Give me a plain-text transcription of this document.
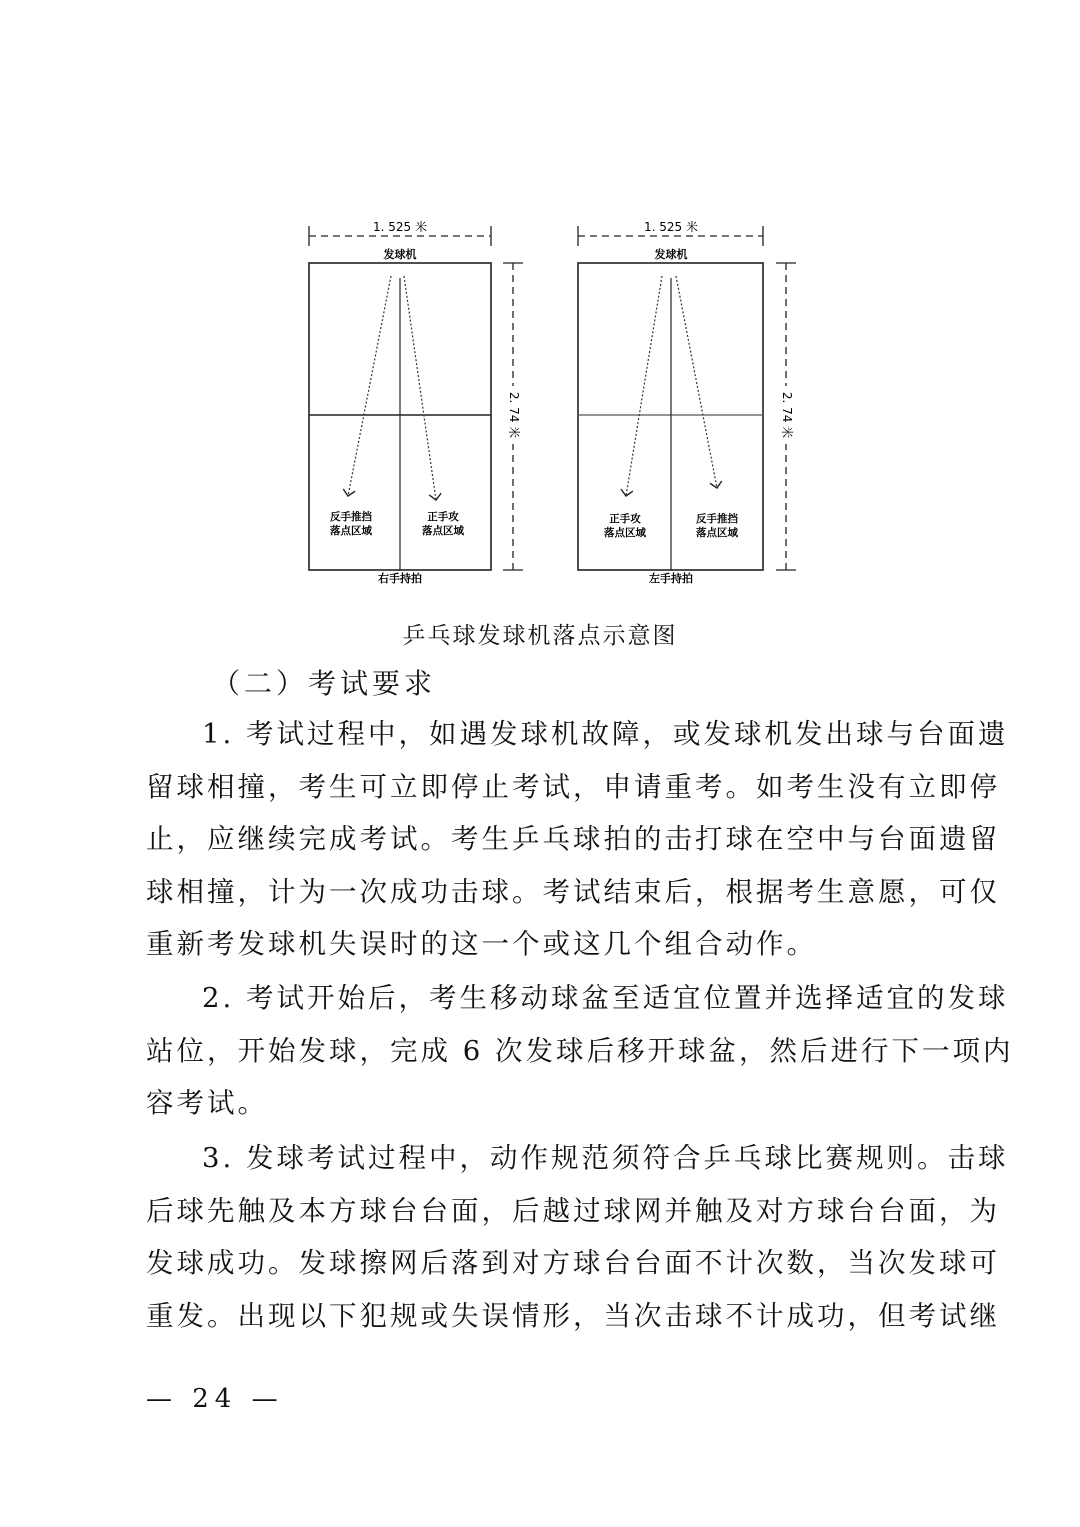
1. 525 米
发球机
反手推挡
落点区域
正手攻
落点区域
2. 74 米
右手持拍
1. 525 米
发球机
正手攻
落点区域
反手推挡
落点区域
2. 74 米
左手持拍
乒乓球发球机落点示意图
（二）考试要求

1. 考试过程中，如遇发球机故障，或发球机发出球与台面遗
留球相撞，考生可立即停止考试，申请重考。如考生没有立即停
止，应继续完成考试。考生乒乓球拍的击打球在空中与台面遗留
球相撞，计为一次成功击球。考试结束后，根据考生意愿，可仅
重新考发球机失误时的这一个或这几个组合动作。

2. 考试开始后，考生移动球盆至适宜位置并选择适宜的发球
站位，开始发球，完成 6 次发球后移开球盆，然后进行下一项内
容考试。

3. 发球考试过程中，动作规范须符合乒乓球比赛规则。击球
后球先触及本方球台台面，后越过球网并触及对方球台台面，为
发球成功。发球擦网后落到对方球台台面不计次数，当次发球可
重发。出现以下犯规或失误情形，当次击球不计成功，但考试继

— 24 —
